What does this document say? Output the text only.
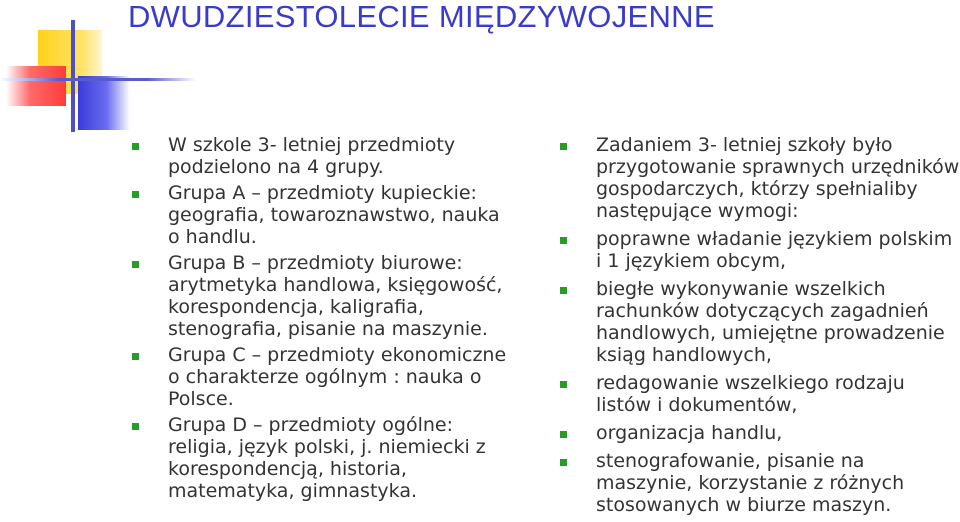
DWUDZIESTOLECIE MIĘDZYWOJENNE
W szkole 3- letniej przedmioty podzielono na 4 grupy.
Grupa A – przedmioty kupieckie: geografia, towaroznawstwo, nauka o handlu.
Grupa B – przedmioty biurowe: arytmetyka handlowa, księgowość, korespondencja, kaligrafia, stenografia, pisanie na maszynie.
Grupa C – przedmioty ekonomiczne o charakterze ogólnym : nauka o Polsce.
Grupa D – przedmioty ogólne: religia, język polski, j. niemiecki z korespondencją, historia, matematyka, gimnastyka.
Zadaniem 3- letniej szkoły było przygotowanie sprawnych urzędników gospodarczych, którzy spełnialiby następujące wymogi:
poprawne władanie językiem polskim i 1 językiem obcym,
biegłe wykonywanie wszelkich rachunków dotyczących zagadnień handlowych, umiejętne prowadzenie ksiąg handlowych,
redagowanie wszelkiego rodzaju listów i dokumentów,
organizacja handlu,
stenografowanie, pisanie na maszynie, korzystanie z różnych stosowanych w biurze maszyn.
